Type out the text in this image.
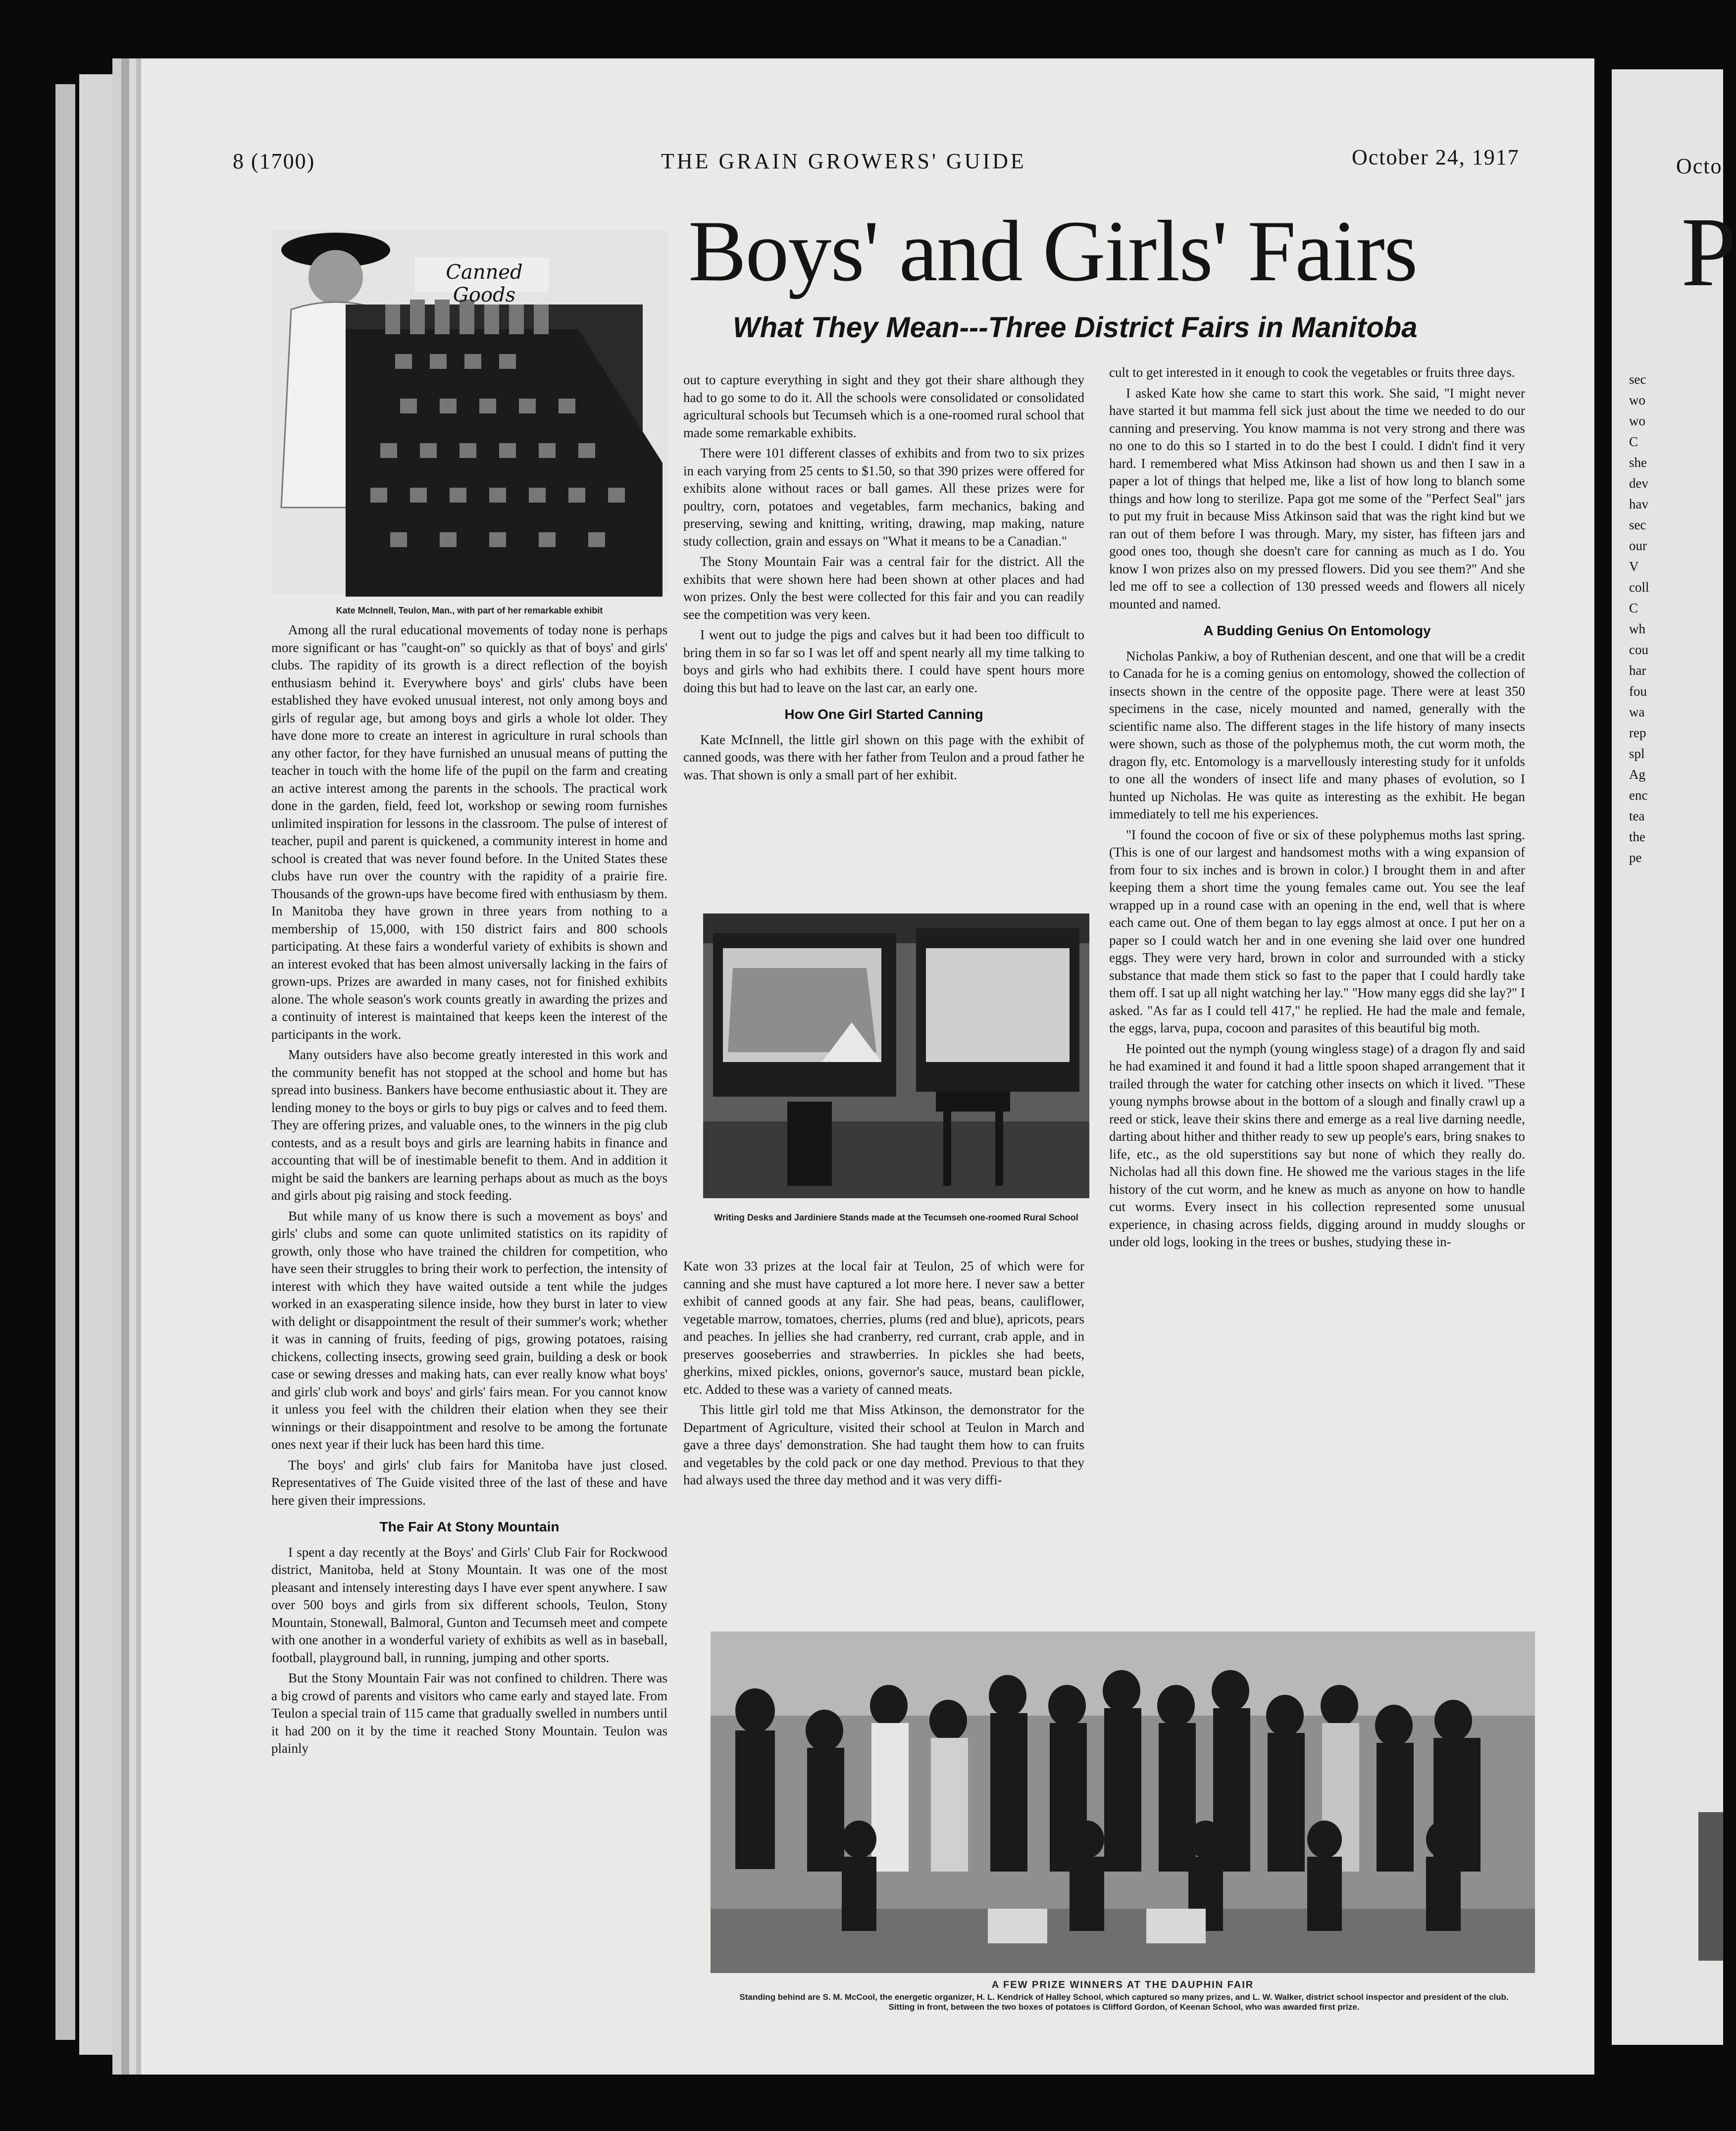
8 (1700)	THE GRAIN GROWERS' GUIDE	October 24, 1917	Octo
Boys' and Girls' Fairs
What They Mean---Three District Fairs in Manitoba
P
Canned Goods
Kate McInnell, Teulon, Man., with part of her remarkable exhibit

Among all the rural educational movements of today none is perhaps more significant or has "caught-on" so quickly as that of boys' and girls' clubs. The rapidity of its growth is a direct reflection of the boyish enthusiasm behind it. Everywhere boys' and girls' clubs have been established they have evoked unusual interest, not only among boys and girls of regular age, but among boys and girls a whole lot older. They have done more to create an interest in agriculture in rural schools than any other factor, for they have furnished an unusual means of putting the teacher in touch with the home life of the pupil on the farm and creating an active interest among the parents in the schools. The practical work done in the garden, field, feed lot, workshop or sewing room furnishes unlimited inspiration for lessons in the classroom. The pulse of interest of teacher, pupil and parent is quickened, a community interest in home and school is created that was never found before. In the United States these clubs have run over the country with the rapidity of a prairie fire. Thousands of the grown-ups have become fired with enthusiasm by them. In Manitoba they have grown in three years from nothing to a membership of 15,000, with 150 district fairs and 800 schools participating. At these fairs a wonderful variety of exhibits is shown and an interest evoked that has been almost universally lacking in the fairs of grown-ups. Prizes are awarded in many cases, not for finished exhibits alone. The whole season's work counts greatly in awarding the prizes and a continuity of interest is maintained that keeps keen the interest of the participants in the work.

Many outsiders have also become greatly interested in this work and the community benefit has not stopped at the school and home but has spread into business. Bankers have become enthusiastic about it. They are lending money to the boys or girls to buy pigs or calves and to feed them. They are offering prizes, and valuable ones, to the winners in the pig club contests, and as a result boys and girls are learning habits in finance and accounting that will be of inestimable benefit to them. And in addition it might be said the bankers are learning perhaps about as much as the boys and girls about pig raising and stock feeding.

But while many of us know there is such a movement as boys' and girls' clubs and some can quote unlimited statistics on its rapidity of growth, only those who have trained the children for competition, who have seen their struggles to bring their work to perfection, the intensity of interest with which they have waited outside a tent while the judges worked in an exasperating silence inside, how they burst in later to view with delight or disappointment the result of their summer's work; whether it was in canning of fruits, feeding of pigs, growing potatoes, raising chickens, collecting insects, growing seed grain, building a desk or book case or sewing dresses and making hats, can ever really know what boys' and girls' club work and boys' and girls' fairs mean. For you cannot know it unless you feel with the children their elation when they see their winnings or their disappointment and resolve to be among the fortunate ones next year if their luck has been hard this time.

The boys' and girls' club fairs for Manitoba have just closed. Representatives of The Guide visited three of the last of these and have here given their impressions.

The Fair At Stony Mountain

I spent a day recently at the Boys' and Girls' Club Fair for Rockwood district, Manitoba, held at Stony Mountain. It was one of the most pleasant and intensely interesting days I have ever spent anywhere. I saw over 500 boys and girls from six different schools, Teulon, Stony Mountain, Stonewall, Balmoral, Gunton and Tecumseh meet and compete with one another in a wonderful variety of exhibits as well as in baseball, football, playground ball, in running, jumping and other sports.

But the Stony Mountain Fair was not confined to children. There was a big crowd of parents and visitors who came early and stayed late. From Teulon a special train of 115 came that gradually swelled in numbers until it had 200 on it by the time it reached Stony Mountain. Teulon was plainly

out to capture everything in sight and they got their share although they had to go some to do it. All the schools were consolidated or consolidated agricultural schools but Tecumseh which is a one-roomed rural school that made some remarkable exhibits.

There were 101 different classes of exhibits and from two to six prizes in each varying from 25 cents to $1.50, so that 390 prizes were offered for exhibits alone without races or ball games. All these prizes were for poultry, corn, potatoes and vegetables, farm mechanics, baking and preserving, sewing and knitting, writing, drawing, map making, nature study collection, grain and essays on "What it means to be a Canadian."

The Stony Mountain Fair was a central fair for the district. All the exhibits that were shown here had been shown at other places and had won prizes. Only the best were collected for this fair and you can readily see the competition was very keen.

I went out to judge the pigs and calves but it had been too difficult to bring them in so far so I was let off and spent nearly all my time talking to boys and girls who had exhibits there. I could have spent hours more doing this but had to leave on the last car, an early one.

How One Girl Started Canning

Kate McInnell, the little girl shown on this page with the exhibit of canned goods, was there with her father from Teulon and a proud father he was. That shown is only a small part of her exhibit.

Writing Desks and Jardiniere Stands made at the Tecumseh one-roomed Rural School

Kate won 33 prizes at the local fair at Teulon, 25 of which were for canning and she must have captured a lot more here. I never saw a better exhibit of canned goods at any fair. She had peas, beans, cauliflower, vegetable marrow, tomatoes, cherries, plums (red and blue), apricots, pears and peaches. In jellies she had cranberry, red currant, crab apple, and in preserves gooseberries and strawberries. In pickles she had beets, gherkins, mixed pickles, onions, governor's sauce, mustard bean pickle, etc. Added to these was a variety of canned meats.

This little girl told me that Miss Atkinson, the demonstrator for the Department of Agriculture, visited their school at Teulon in March and gave a three days' demonstration. She had taught them how to can fruits and vegetables by the cold pack or one day method. Previous to that they had always used the three day method and it was very diffi-

cult to get interested in it enough to cook the vegetables or fruits three days.

I asked Kate how she came to start this work. She said, "I might never have started it but mamma fell sick just about the time we needed to do our canning and preserving. You know mamma is not very strong and there was no one to do this so I started in to do the best I could. I didn't find it very hard. I remembered what Miss Atkinson had shown us and then I saw in a paper a lot of things that helped me, like a list of how long to blanch some things and how long to sterilize. Papa got me some of the "Perfect Seal" jars to put my fruit in because Miss Atkinson said that was the right kind but we ran out of them before I was through. Mary, my sister, has fifteen jars and good ones too, though she doesn't care for canning as much as I do. You know I won prizes also on my pressed flowers. Did you see them?" And she led me off to see a collection of 130 pressed weeds and flowers all nicely mounted and named.

A Budding Genius On Entomology

Nicholas Pankiw, a boy of Ruthenian descent, and one that will be a credit to Canada for he is a coming genius on entomology, showed the collection of insects shown in the centre of the opposite page. There were at least 350 specimens in the case, nicely mounted and named, generally with the scientific name also. The different stages in the life history of many insects were shown, such as those of the polyphemus moth, the cut worm moth, the dragon fly, etc. Entomology is a marvellously interesting study for it unfolds to one all the wonders of insect life and many phases of evolution, so I hunted up Nicholas. He was quite as interesting as the exhibit. He began immediately to tell me his experiences.

"I found the cocoon of five or six of these polyphemus moths last spring. (This is one of our largest and handsomest moths with a wing expansion of from four to six inches and is brown in color.) I brought them in and after keeping them a short time the young females came out. You see the leaf wrapped up in a round case with an opening in the end, well that is where each came out. One of them began to lay eggs almost at once. I put her on a paper so I could watch her and in one evening she laid over one hundred eggs. They were very hard, brown in color and surrounded with a sticky substance that made them stick so fast to the paper that I could hardly take them off. I sat up all night watching her lay." "How many eggs did she lay?" I asked. "As far as I could tell 417," he replied. He had the male and female, the eggs, larva, pupa, cocoon and parasites of this beautiful big moth.

He pointed out the nymph (young wingless stage) of a dragon fly and said he had examined it and found it had a little spoon shaped arrangement that it trailed through the water for catching other insects on which it lived. "These young nymphs browse about in the bottom of a slough and finally crawl up a reed or stick, leave their skins there and emerge as a real live darning needle, darting about hither and thither ready to sew up people's ears, bring snakes to life, etc., as the old superstitions say but none of which they really do. Nicholas had all this down fine. He showed me the various stages in the life history of the cut worm, and he knew as much as anyone on how to handle cut worms. Every insect in his collection represented some unusual experience, in chasing across fields, digging around in muddy sloughs or under old logs, looking in the trees or bushes, studying these in-

A FEW PRIZE WINNERS AT THE DAUPHIN FAIR
Standing behind are S. M. McCool, the energetic organizer, H. L. Kendrick of Halley School, which captured so many prizes, and L. W. Walker, district school inspector and president of the club. Sitting in front, between the two boxes of potatoes is Clifford Gordon, of Keenan School, who was awarded first prize.
sec
wo
wo
C
she
dev
hav
sec
our
V
coll
C
wh
cou
har
fou
wa
rep
spl
Ag
enc
tea
the
pe
